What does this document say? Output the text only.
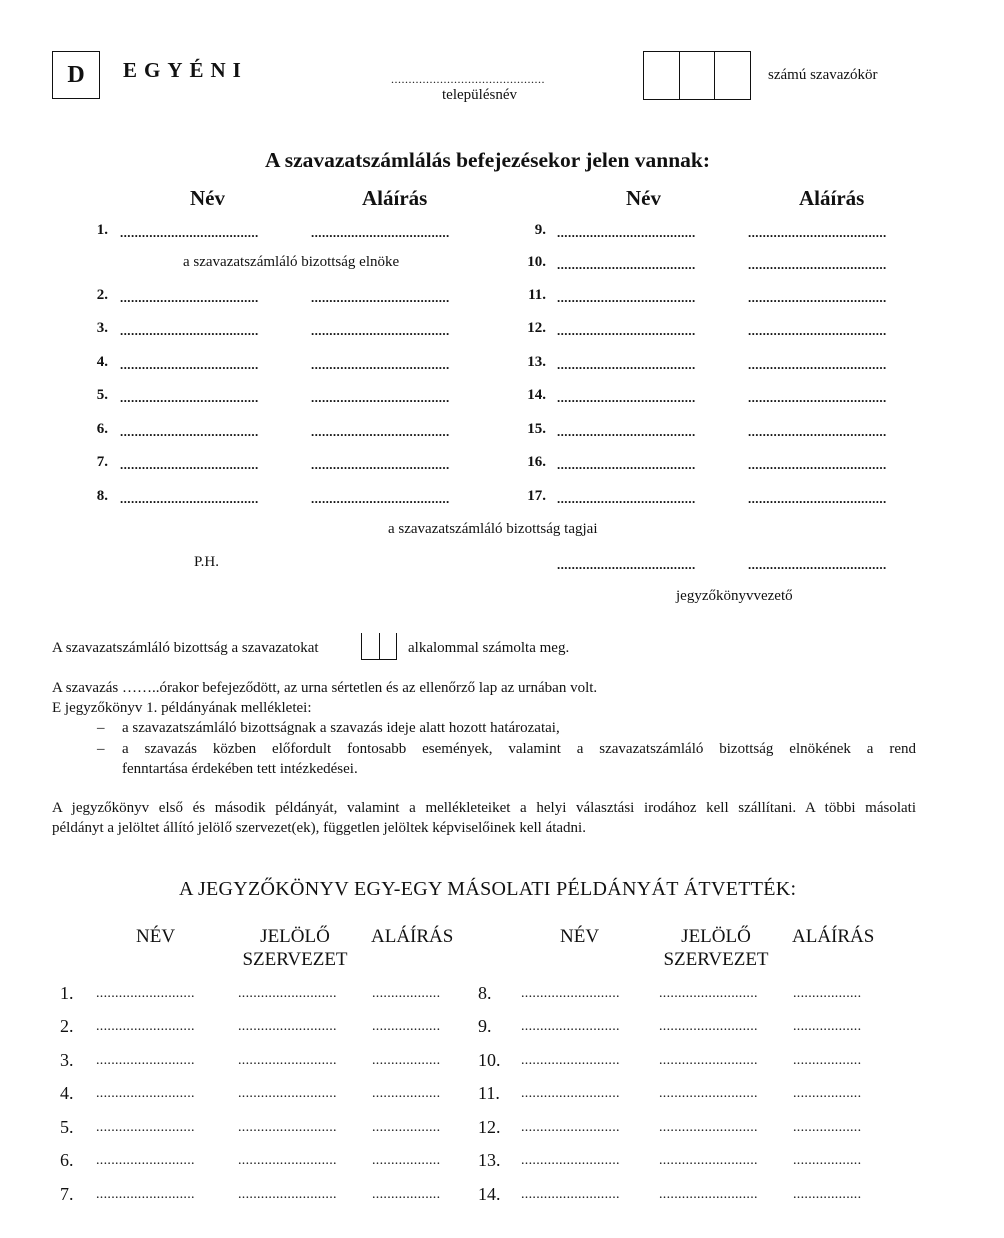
D EGYÉNI	............................................
településnév
számú szavazókör
A szavazatszámlálás befejezésekor jelen vannak:
Név	Aláírás	Név	Aláírás
1. ......................................	......................................
2. ......................................	......................................
3. ......................................	......................................
4. ......................................	......................................
5. ......................................	......................................
6. ......................................	......................................
7. ......................................	......................................
8. ......................................	......................................
9. ......................................	......................................
10. ......................................	......................................
11. ......................................	......................................
12. ......................................	......................................
13. ......................................	......................................
14. ......................................	......................................
15. ......................................	......................................
16. ......................................	......................................
17. ......................................	......................................
a szavazatszámláló bizottság elnöke
a szavazatszámláló bizottság tagjai
P.H.	......................................	......................................
jegyzőkönyvvezető
A szavazatszámláló bizottság a szavazatokat	alkalommal számolta meg.
A szavazás ……..órakor befejeződött, az urna sértetlen és az ellenőrző lap az urnában volt.
E jegyzőkönyv 1. példányának mellékletei:
– a szavazatszámláló bizottságnak a szavazás ideje alatt hozott határozatai,
– a szavazás közben előfordult fontosabb események, valamint a szavazatszámláló bizottság elnökének a rend
fenntartása érdekében tett intézkedései.
A jegyzőkönyv első és második példányát, valamint a mellékleteiket a helyi választási irodához kell szállítani. A többi másolati
példányt a jelöltet állító jelölő szervezet(ek), független jelöltek képviselőinek kell átadni.
A JEGYZŐKÖNYV EGY-EGY MÁSOLATI PÉLDÁNYÁT ÁTVETTÉK:
NÉV	JELÖLŐ
SZERVEZET
ALÁÍRÁS	NÉV	JELÖLŐ
SZERVEZET
ALÁÍRÁS
1. ..........................	..........................	..................
2. ..........................	..........................	..................
3. ..........................	..........................	..................
4. ..........................	..........................	..................
5. ..........................	..........................	..................
6. ..........................	..........................	..................
7. ..........................	..........................	..................
8. ..........................	..........................	..................
9. ..........................	..........................	..................
10. ..........................	..........................	..................
11. ..........................	..........................	..................
12. ..........................	..........................	..................
13. ..........................	..........................	..................
14. ..........................	..........................	..................
